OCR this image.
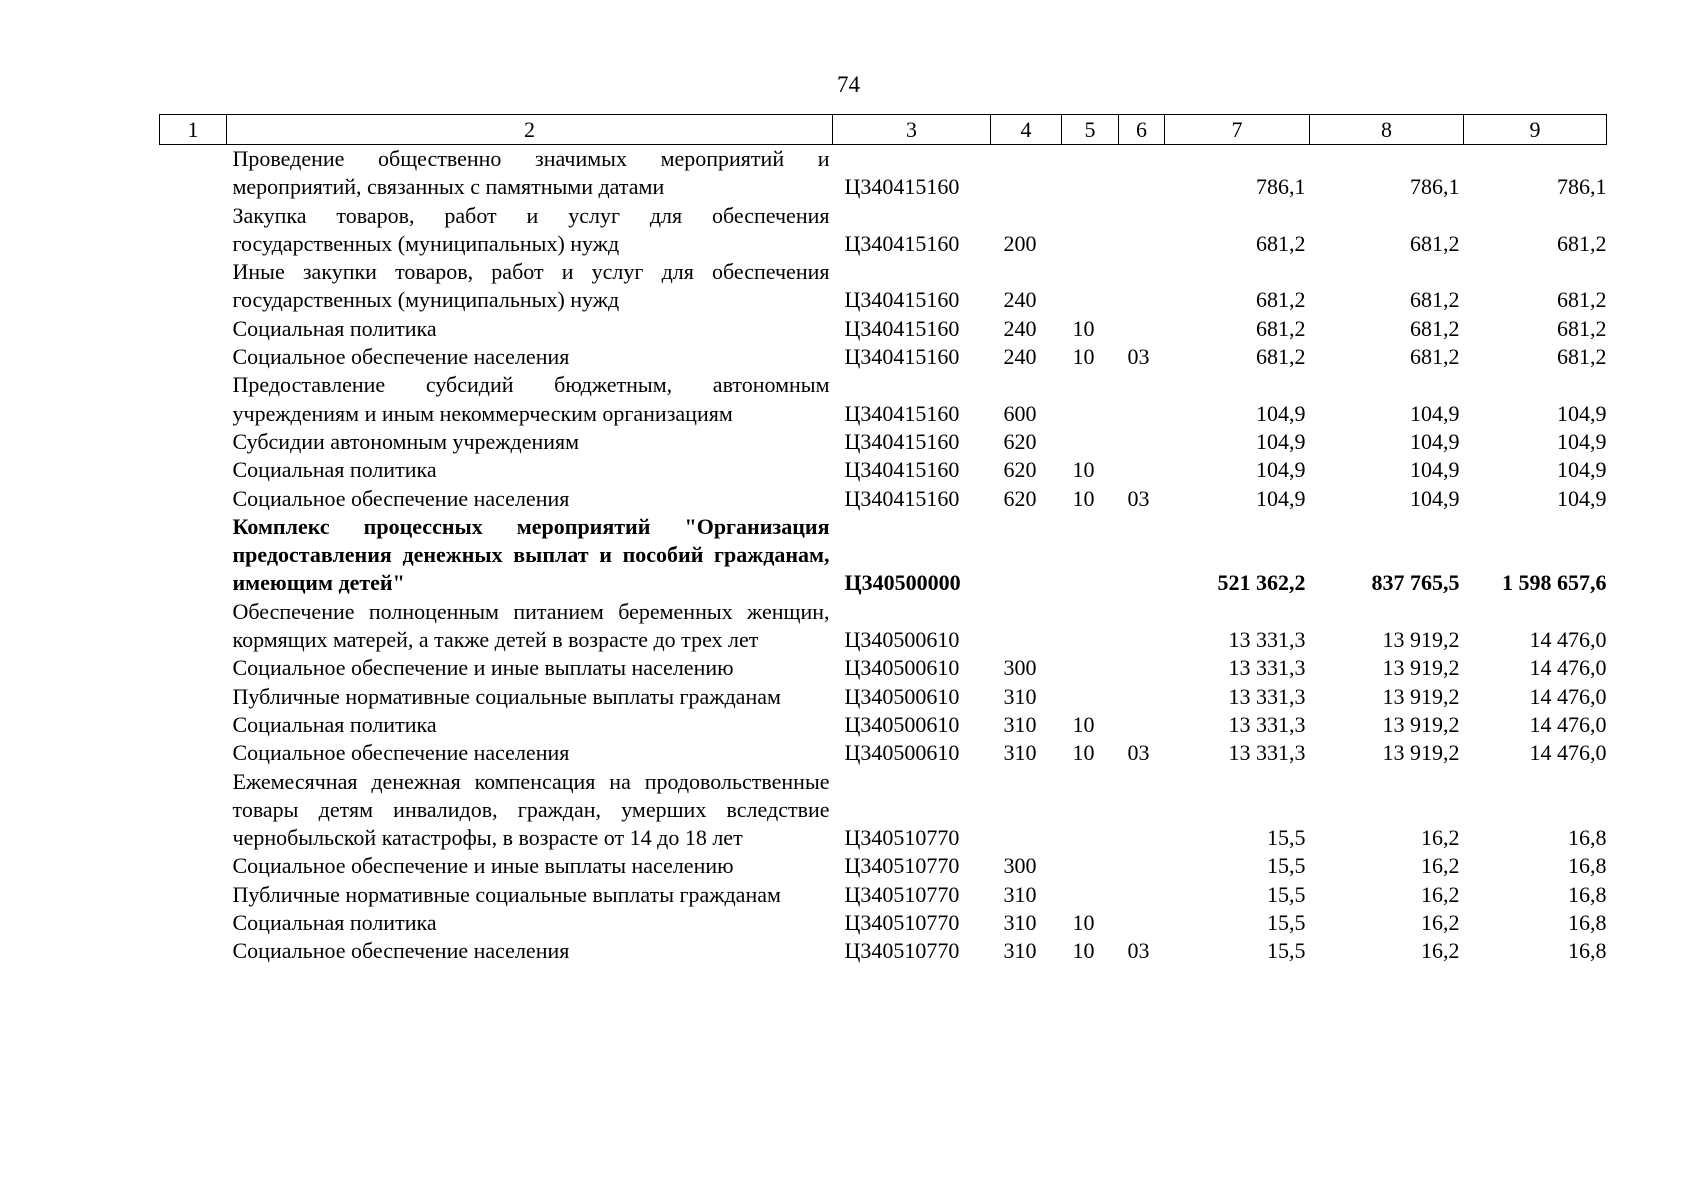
74
1	2	3	4	5	6	7	8	9
	Проведение общественно значимых мероприятий и мероприятий, связанных с памятными датами	Ц340415160				786,1	786,1	786,1
	Закупка товаров, работ и услуг для обеспечения государственных (муниципальных) нужд	Ц340415160	200			681,2	681,2	681,2
	Иные закупки товаров, работ и услуг для обеспечения государственных (муниципальных) нужд	Ц340415160	240			681,2	681,2	681,2
	Социальная политика	Ц340415160	240	10		681,2	681,2	681,2
	Социальное обеспечение населения	Ц340415160	240	10	03	681,2	681,2	681,2
	Предоставление субсидий бюджетным, автономным учреждениям и иным некоммерческим организациям	Ц340415160	600			104,9	104,9	104,9
	Субсидии автономным учреждениям	Ц340415160	620			104,9	104,9	104,9
	Социальная политика	Ц340415160	620	10		104,9	104,9	104,9
	Социальное обеспечение населения	Ц340415160	620	10	03	104,9	104,9	104,9
	Комплекс процессных мероприятий "Организация предоставления денежных выплат и пособий гражданам, имеющим детей"	Ц340500000				521 362,2	837 765,5	1 598 657,6
	Обеспечение полноценным питанием беременных женщин, кормящих матерей, а также детей в возрасте до трех лет	Ц340500610				13 331,3	13 919,2	14 476,0
	Социальное обеспечение и иные выплаты населению	Ц340500610	300			13 331,3	13 919,2	14 476,0
	Публичные нормативные социальные выплаты гражданам	Ц340500610	310			13 331,3	13 919,2	14 476,0
	Социальная политика	Ц340500610	310	10		13 331,3	13 919,2	14 476,0
	Социальное обеспечение населения	Ц340500610	310	10	03	13 331,3	13 919,2	14 476,0
	Ежемесячная денежная компенсация на продовольственные товары детям инвалидов, граждан, умерших вследствие чернобыльской катастрофы, в возрасте от 14 до 18 лет	Ц340510770				15,5	16,2	16,8
	Социальное обеспечение и иные выплаты населению	Ц340510770	300			15,5	16,2	16,8
	Публичные нормативные социальные выплаты гражданам	Ц340510770	310			15,5	16,2	16,8
	Социальная политика	Ц340510770	310	10		15,5	16,2	16,8
	Социальное обеспечение населения	Ц340510770	310	10	03	15,5	16,2	16,8
